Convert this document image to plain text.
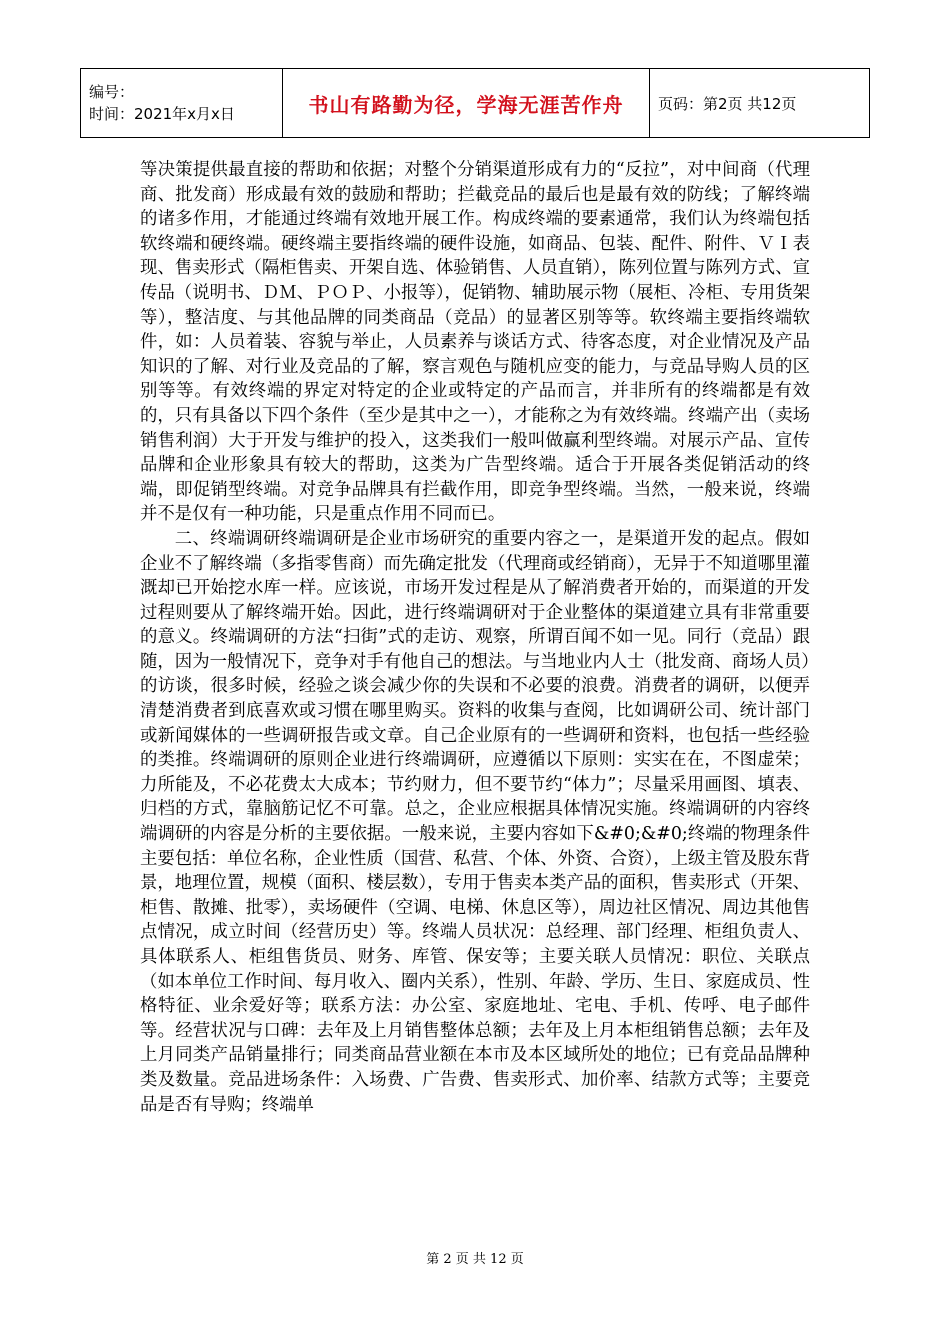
编号：
时间：2021年x月x日	书山有路勤为径，学海无涯苦作舟	页码：第2页 共12页

等决策提供最直接的帮助和依据；对整个分销渠道形成有力的“反拉”，对中间商（代理商、批发商）形成最有效的鼓励和帮助；拦截竞品的最后也是最有效的防线；了解终端的诸多作用，才能通过终端有效地开展工作。构成终端的要素通常，我们认为终端包括软终端和硬终端。硬终端主要指终端的硬件设施，如商品、包装、配件、附件、ＶＩ表现、售卖形式（隔柜售卖、开架自选、体验销售、人员直销），陈列位置与陈列方式、宣传品（说明书、ＤＭ、ＰＯＰ、小报等），促销物、辅助展示物（展柜、冷柜、专用货架等），整洁度、与其他品牌的同类商品（竞品）的显著区别等等。软终端主要指终端软件，如：人员着装、容貌与举止，人员素养与谈话方式、待客态度，对企业情况及产品知识的了解、对行业及竞品的了解，察言观色与随机应变的能力，与竞品导购人员的区别等等。有效终端的界定对特定的企业或特定的产品而言，并非所有的终端都是有效的，只有具备以下四个条件（至少是其中之一），才能称之为有效终端。终端产出（卖场销售利润）大于开发与维护的投入，这类我们一般叫做赢利型终端。对展示产品、宣传品牌和企业形象具有较大的帮助，这类为广告型终端。适合于开展各类促销活动的终端，即促销型终端。对竞争品牌具有拦截作用，即竞争型终端。当然，一般来说，终端并不是仅有一种功能，只是重点作用不同而已。

二、终端调研终端调研是企业市场研究的重要内容之一，是渠道开发的起点。假如企业不了解终端（多指零售商）而先确定批发（代理商或经销商），无异于不知道哪里灌溉却已开始挖水库一样。应该说，市场开发过程是从了解消费者开始的，而渠道的开发过程则要从了解终端开始。因此，进行终端调研对于企业整体的渠道建立具有非常重要的意义。终端调研的方法“扫街”式的走访、观察，所谓百闻不如一见。同行（竞品）跟随，因为一般情况下，竞争对手有他自己的想法。与当地业内人士（批发商、商场人员）的访谈，很多时候，经验之谈会减少你的失误和不必要的浪费。消费者的调研，以便弄清楚消费者到底喜欢或习惯在哪里购买。资料的收集与查阅，比如调研公司、统计部门或新闻媒体的一些调研报告或文章。自己企业原有的一些调研和资料，也包括一些经验的类推。终端调研的原则企业进行终端调研，应遵循以下原则：实实在在，不图虚荣；力所能及，不必花费太大成本；节约财力，但不要节约“体力”；尽量采用画图、填表、归档的方式，靠脑筋记忆不可靠。总之，企业应根据具体情况实施。终端调研的内容终端调研的内容是分析的主要依据。一般来说，主要内容如下&#0;&#0;终端的物理条件主要包括：单位名称，企业性质（国营、私营、个体、外资、合资），上级主管及股东背景，地理位置，规模（面积、楼层数），专用于售卖本类产品的面积，售卖形式（开架、柜售、散摊、批零），卖场硬件（空调、电梯、休息区等），周边社区情况、周边其他售点情况，成立时间（经营历史）等。终端人员状况：总经理、部门经理、柜组负责人、具体联系人、柜组售货员、财务、库管、保安等；主要关联人员情况：职位、关联点（如本单位工作时间、每月收入、圈内关系），性别、年龄、学历、生日、家庭成员、性格特征、业余爱好等；联系方法：办公室、家庭地址、宅电、手机、传呼、电子邮件等。经营状况与口碑：去年及上月销售整体总额；去年及上月本柜组销售总额；去年及上月同类产品销量排行；同类商品营业额在本市及本区域所处的地位；已有竞品品牌种类及数量。竞品进场条件：入场费、广告费、售卖形式、加价率、结款方式等；主要竞品是否有导购；终端单

第 2 页 共 12 页
